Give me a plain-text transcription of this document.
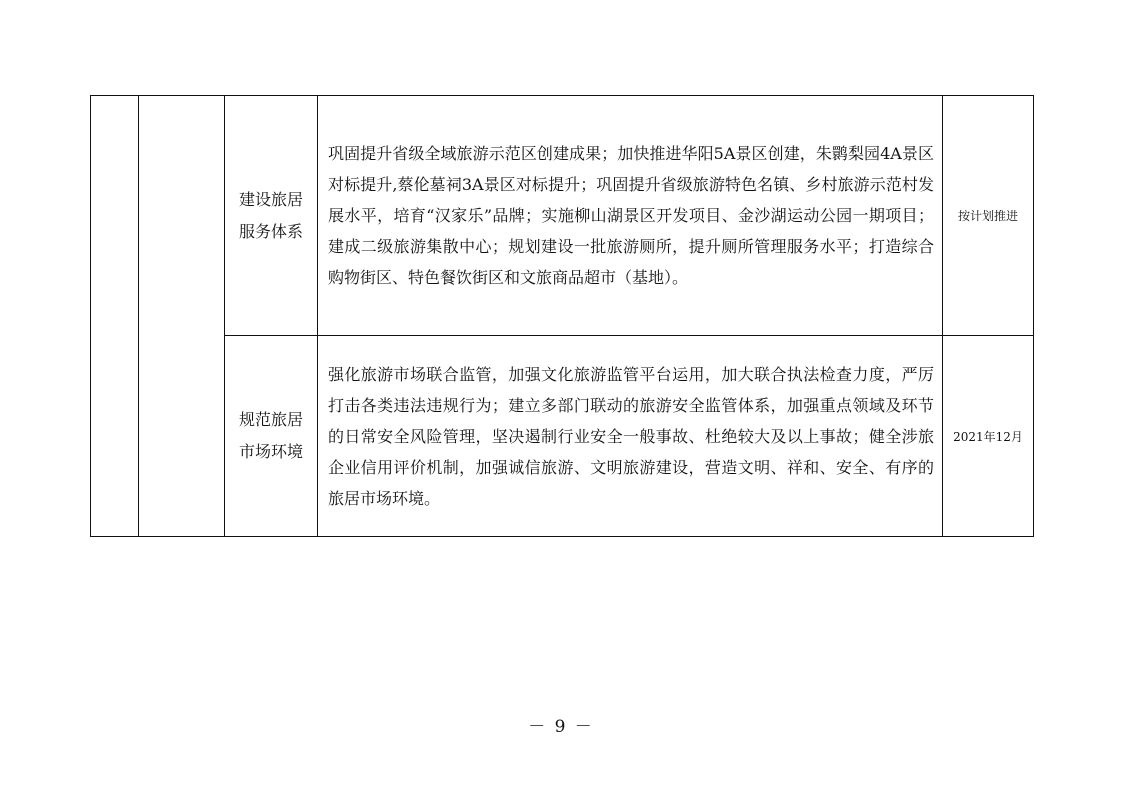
		建设旅居服务体系	巩固提升省级全域旅游示范区创建成果；加快推进华阳5A景区创建，朱鹮梨园4A景区对标提升,蔡伦墓祠3A景区对标提升；巩固提升省级旅游特色名镇、乡村旅游示范村发展水平，培育“汉家乐”品牌；实施柳山湖景区开发项目、金沙湖运动公园一期项目；建成二级旅游集散中心；规划建设一批旅游厕所，提升厕所管理服务水平；打造综合购物街区、特色餐饮街区和文旅商品超市（基地）。	按计划推进

		规范旅居市场环境	强化旅游市场联合监管，加强文化旅游监管平台运用，加大联合执法检查力度，严厉打击各类违法违规行为；建立多部门联动的旅游安全监管体系，加强重点领域及环节的日常安全风险管理，坚决遏制行业安全一般事故、杜绝较大及以上事故；健全涉旅企业信用评价机制，加强诚信旅游、文明旅游建设，营造文明、祥和、安全、有序的旅居市场环境。	2021年12月
－ 9 －
